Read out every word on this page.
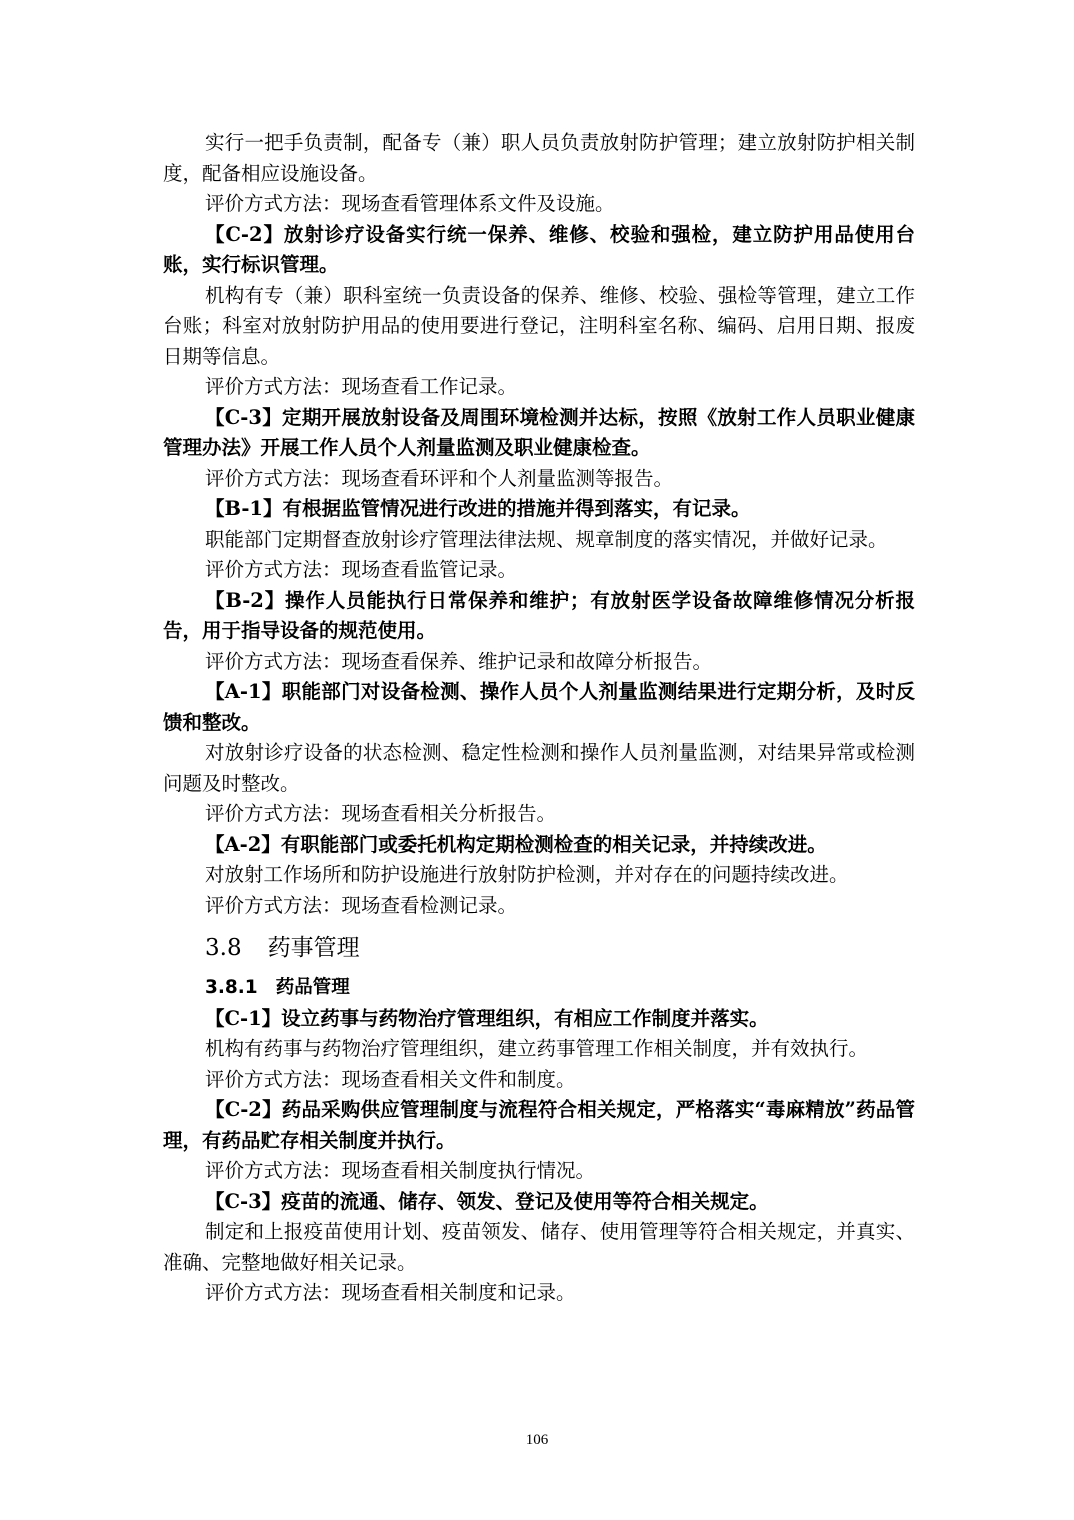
实行一把手负责制，配备专（兼）职人员负责放射防护管理；建立放射防护相关制度，配备相应设施设备。

评价方式方法：现场查看管理体系文件及设施。

【C-2】放射诊疗设备实行统一保养、维修、校验和强检，建立防护用品使用台账，实行标识管理。

机构有专（兼）职科室统一负责设备的保养、维修、校验、强检等管理，建立工作台账；科室对放射防护用品的使用要进行登记，注明科室名称、编码、启用日期、报废日期等信息。

评价方式方法：现场查看工作记录。

【C-3】定期开展放射设备及周围环境检测并达标，按照《放射工作人员职业健康管理办法》开展工作人员个人剂量监测及职业健康检查。

评价方式方法：现场查看环评和个人剂量监测等报告。

【B-1】有根据监管情况进行改进的措施并得到落实，有记录。

职能部门定期督查放射诊疗管理法律法规、规章制度的落实情况，并做好记录。

评价方式方法：现场查看监管记录。

【B-2】操作人员能执行日常保养和维护；有放射医学设备故障维修情况分析报告，用于指导设备的规范使用。

评价方式方法：现场查看保养、维护记录和故障分析报告。

【A-1】职能部门对设备检测、操作人员个人剂量监测结果进行定期分析，及时反馈和整改。

对放射诊疗设备的状态检测、稳定性检测和操作人员剂量监测，对结果异常或检测问题及时整改。

评价方式方法：现场查看相关分析报告。

【A-2】有职能部门或委托机构定期检测检查的相关记录，并持续改进。

对放射工作场所和防护设施进行放射防护检测，并对存在的问题持续改进。

评价方式方法：现场查看检测记录。

3.8 药事管理
3.8.1 药品管理

【C-1】设立药事与药物治疗管理组织，有相应工作制度并落实。

机构有药事与药物治疗管理组织，建立药事管理工作相关制度，并有效执行。

评价方式方法：现场查看相关文件和制度。

【C-2】药品采购供应管理制度与流程符合相关规定，严格落实“毒麻精放”药品管理，有药品贮存相关制度并执行。

评价方式方法：现场查看相关制度执行情况。

【C-3】疫苗的流通、储存、领发、登记及使用等符合相关规定。

制定和上报疫苗使用计划、疫苗领发、储存、使用管理等符合相关规定，并真实、准确、完整地做好相关记录。

评价方式方法：现场查看相关制度和记录。

106
